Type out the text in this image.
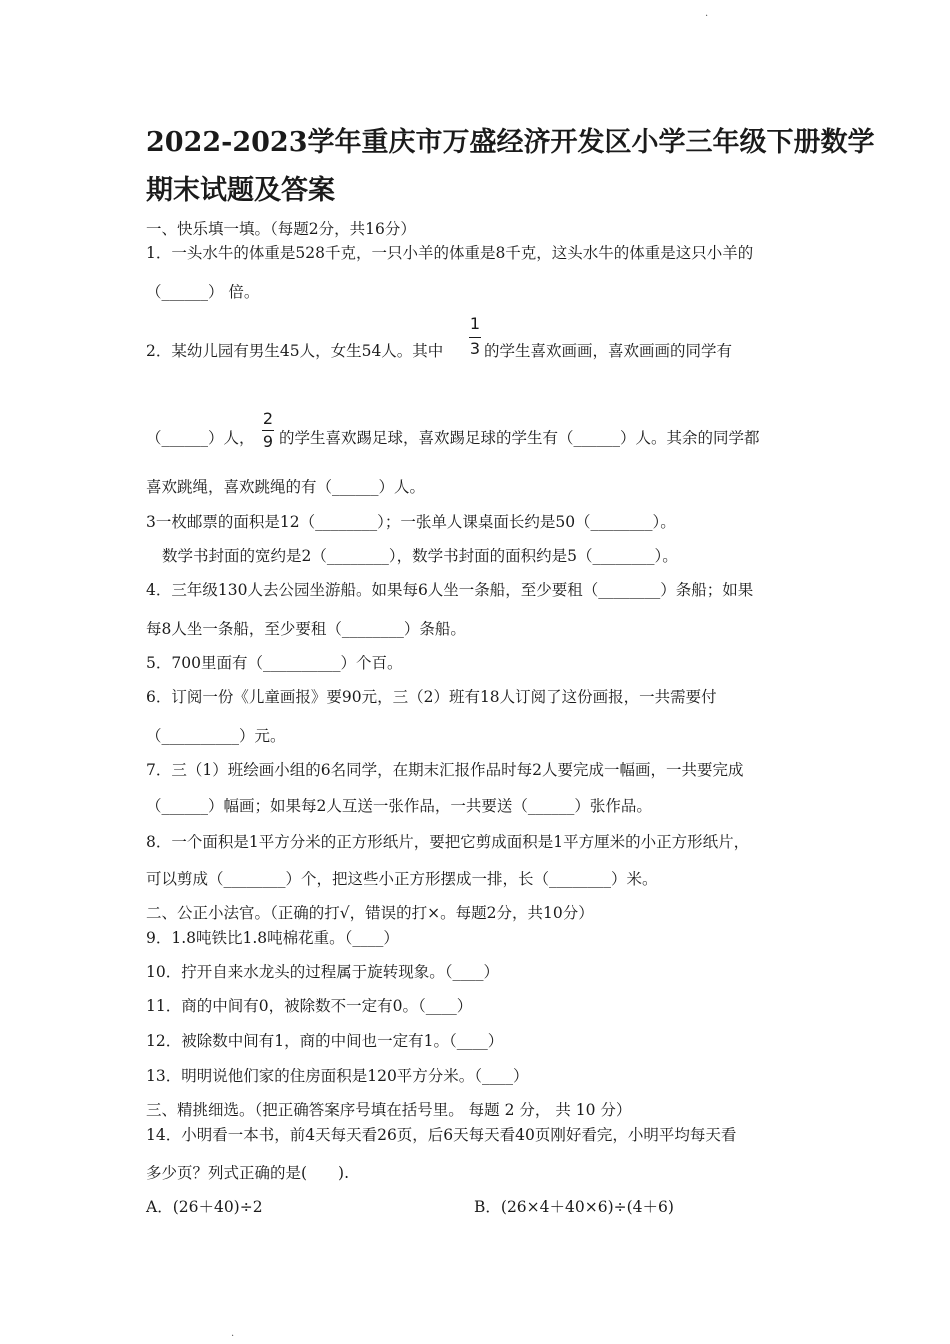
.
2022-2023学年重庆市万盛经济开发区小学三年级下册数学
期末试题及答案
一、快乐填一填。（每题2分，共16分）
1．一头水牛的体重是528千克，一只小羊的体重是8千克，这头水牛的体重是这只小羊的
（______） 倍。
2．某幼儿园有男生45人，女生54人。其中
1
3 的学生喜欢画画，喜欢画画的同学有
（______）人，
2
9 的学生喜欢踢足球，喜欢踢足球的学生有（______）人。其余的同学都
喜欢跳绳，喜欢跳绳的有（______）人。
3一枚邮票的面积是12（________）；一张单人课桌面长约是50（________）。
数学书封面的宽约是2（________），数学书封面的面积约是5（________）。
4．三年级130人去公园坐游船。如果每6人坐一条船，至少要租（________）条船；如果
每8人坐一条船，至少要租（________）条船。
5．700里面有（__________）个百。
6．订阅一份《儿童画报》要90元，三（2）班有18人订阅了这份画报，一共需要付
（__________）元。
7．三（1）班绘画小组的6名同学，在期末汇报作品时每2人要完成一幅画，一共要完成
（______）幅画；如果每2人互送一张作品，一共要送（______）张作品。
8．一个面积是1平方分米的正方形纸片，要把它剪成面积是1平方厘米的小正方形纸片，
可以剪成（________）个，把这些小正方形摆成一排，长（________）米。
二、公正小法官。（正确的打√，错误的打×。每题2分，共10分）
9．1.8吨铁比1.8吨棉花重。（____）
10．拧开自来水龙头的过程属于旋转现象。（____）
11．商的中间有0，被除数不一定有0。（____）
12．被除数中间有1，商的中间也一定有1。（____）
13．明明说他们家的住房面积是120平方分米。（____）
三、精挑细选。（把正确答案序号填在括号里。 每题 2 分， 共 10 分）
14．小明看一本书，前4天每天看26页，后6天每天看40页刚好看完，小明平均每天看
多少页？列式正确的是(　　).
A．(26＋40)÷2	B．(26×4＋40×6)÷(4＋6)
.
